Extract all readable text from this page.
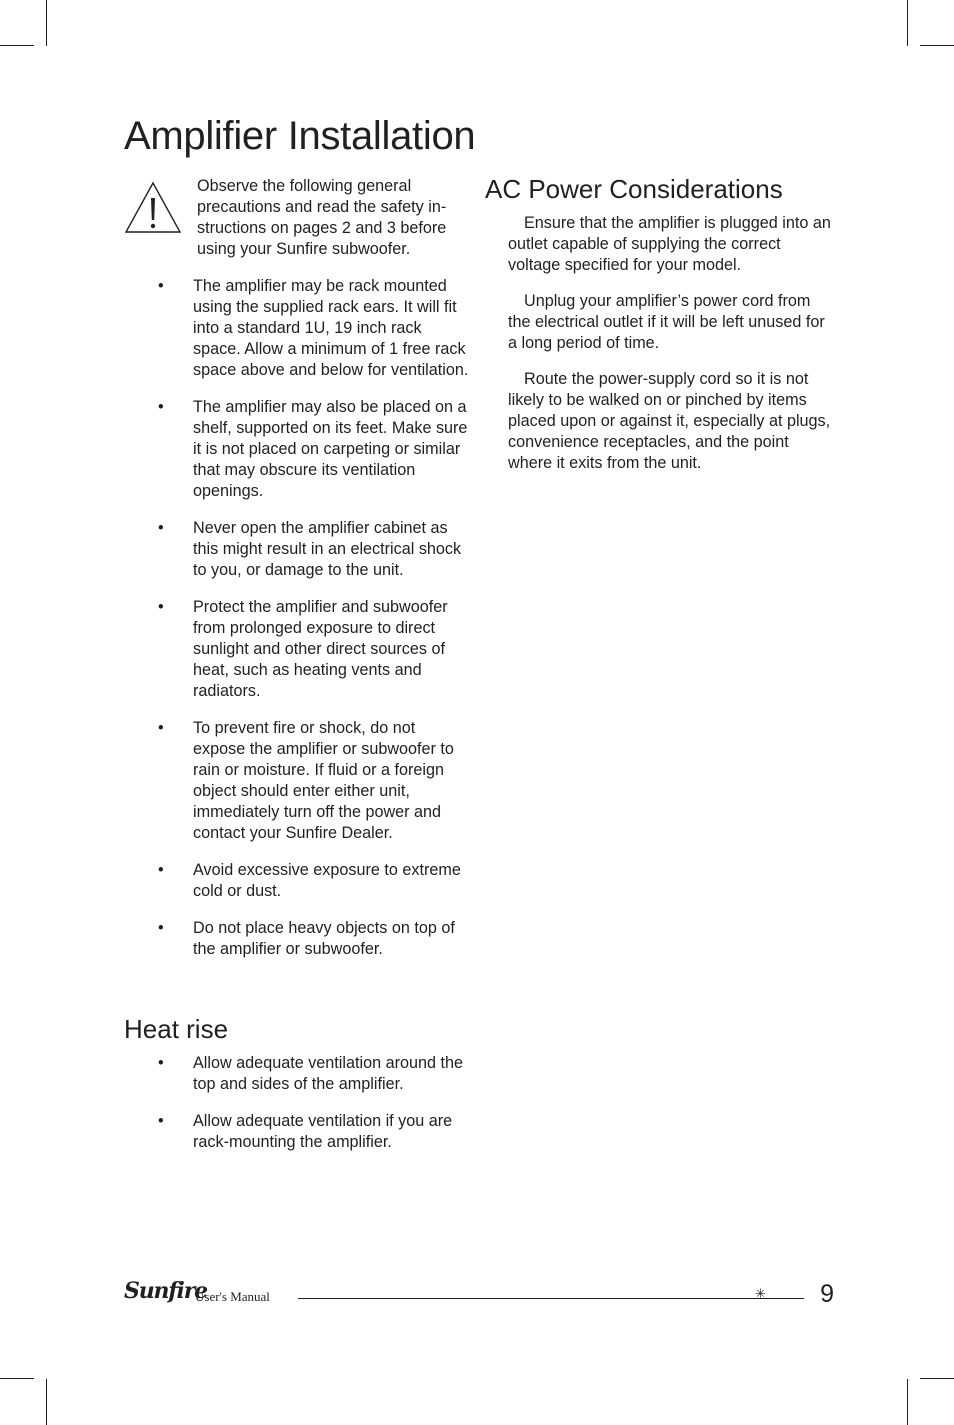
Amplifier Installation
Observe the following general precautions and read the safety instructions on pages 2 and 3 before using your Sunfire subwoofer.
• The amplifier may be rack mounted using the supplied rack ears. It will fit into a standard 1U, 19 inch rack space. Allow a minimum of 1 free rack space above and below for ventilation.
• The amplifier may also be placed on a shelf, supported on its feet. Make sure it is not placed on carpeting or similar that may obscure its ventilation openings.
• Never open the amplifier cabinet as this might result in an electrical shock to you, or damage to the unit.
• Protect the amplifier and subwoofer from prolonged exposure to direct sunlight and other direct sources of heat, such as heating vents and radiators.
• To prevent fire or shock, do not expose the amplifier or subwoofer to rain or moisture. If fluid or a foreign object should enter either unit, immediately turn off the power and contact your Sunfire Dealer.
• Avoid excessive exposure to extreme cold or dust.
• Do not place heavy objects on top of the amplifier or subwoofer.
Heat rise
• Allow adequate ventilation around the top and sides of the amplifier.
• Allow adequate ventilation if you are rack-mounting the amplifier.
AC Power Considerations

Ensure that the amplifier is plugged into an outlet capable of supplying the correct voltage specified for your model.

Unplug your amplifier’s power cord from the electrical outlet if it will be left unused for a long period of time.

Route the power-supply cord so it is not likely to be walked on or pinched by items placed upon or against it, especially at plugs, convenience receptacles, and the point where it exits from the unit.

Sunfire
User's Manual	✳ 9
